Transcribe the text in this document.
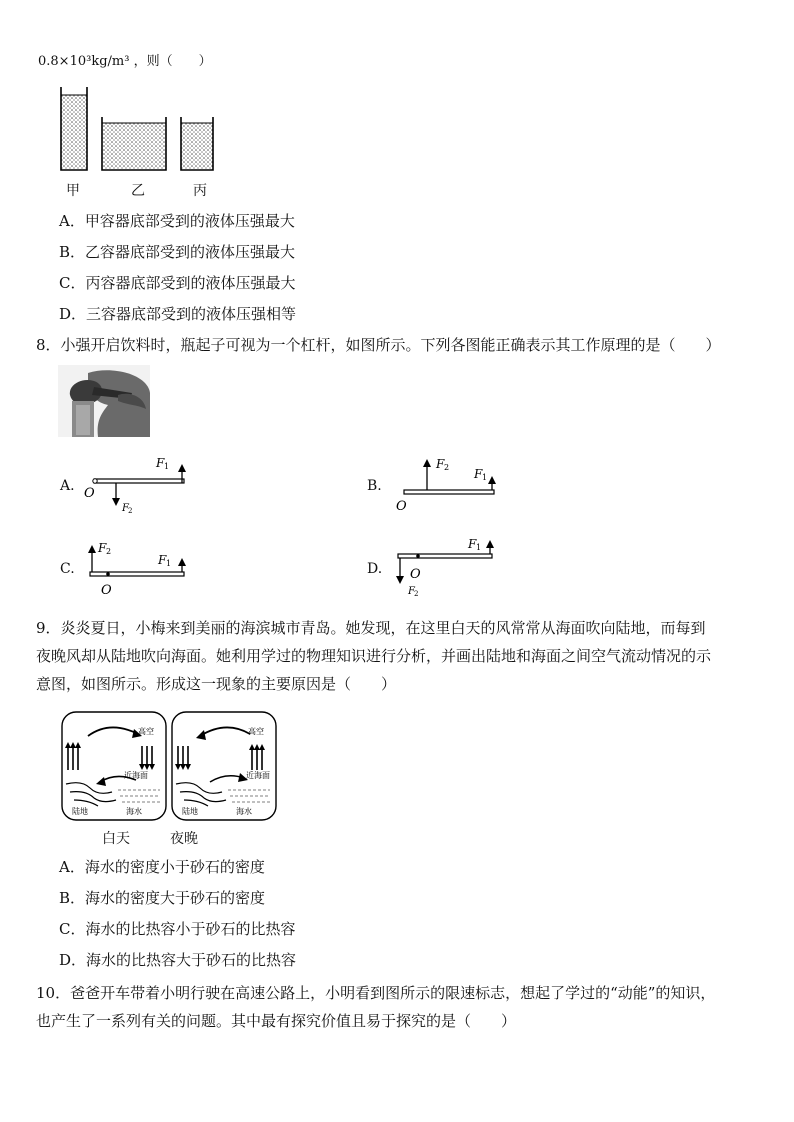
0.8×10³kg/m³ ，则（　　）
甲	乙	丙
A．甲容器底部受到的液体压强最大
B．乙容器底部受到的液体压强最大
C．丙容器底部受到的液体压强最大
D．三容器底部受到的液体压强相等
8．小强开启饮料时，瓶起子可视为一个杠杆，如图所示。下列各图能正确表示其工作原理的是（　　）
A.
F 1
F 2
O	B.
F 1
F 2
O
C.
F 1
F 2
O
D.
F 1
O
F 2
9．炎炎夏日，小梅来到美丽的海滨城市青岛。她发现，在这里白天的风常常从海面吹向陆地，而每到
夜晚风却从陆地吹向海面。她利用学过的物理知识进行分析，并画出陆地和海面之间空气流动情况的示
意图，如图所示。形成这一现象的主要原因是（　　）
高空
近海面
陆地	海水
高空
近海面
陆地	海水
白天	夜晚
A．海水的密度小于砂石的密度
B．海水的密度大于砂石的密度
C．海水的比热容小于砂石的比热容
D．海水的比热容大于砂石的比热容
10．爸爸开车带着小明行驶在高速公路上，小明看到图所示的限速标志，想起了学过的“动能”的知识，
也产生了一系列有关的问题。其中最有探究价值且易于探究的是（　　）
